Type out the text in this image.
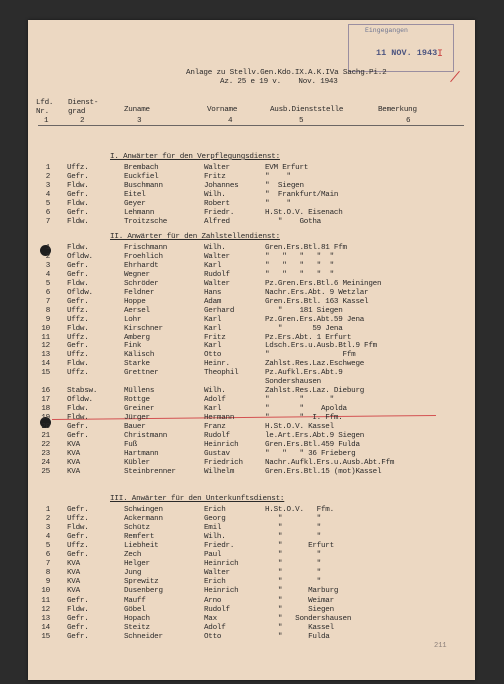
Eingegangen
11 NOV. 1943 I
Anlage zu Stellv.Gen.Kdo.IX.A.K.IVa Sachg.Pi.2
Az. 25 e 19 v.    Nov. 1943
Lfd. Nr.
Dienst- grad	Zuname	Vorname	Ausb.Dienststelle	Bemerkung
1	2	3	4	5	6
I. Anwärter für den Verpflegungsdienst:
1 Uffz.	Brembach	Walter	EVM Erfurt
2 Gefr.	Euckfiel	Fritz	"    "
3 Fldw.	Buschmann	Johannes	"  Siegen
4 Gefr.	Eitel	Wilh.	"  Frankfurt/Main
5 Fldw.	Geyer	Robert	"    "
6 Gefr.	Lehmann	Friedr.	H.St.O.V. Eisenach
7 Fldw.	Troitzsche	Alfred	"    Gotha
II. Anwärter für den Zahlstellendienst:
1 Fldw.	Frischmann	Wilh.	Gren.Ers.Btl.81 Ffm
2 Ofldw.	Froehlich	Walter	"   "   "   "  "
3 Gefr.	Ehrhardt	Karl	"   "   "   "  "
4 Gefr.	Wegner	Rudolf	"   "   "   "  "
5 Fldw.	Schröder	Walter	Pz.Gren.Ers.Btl.6 Meiningen
6 Ofldw.	Feldner	Hans	Nachr.Ers.Abt. 9 Wetzlar
7 Gefr.	Hoppe	Adam	Gren.Ers.Btl. 163 Kassel
8 Uffz.	Aersel	Gerhard	"    181 Siegen
9 Uffz.	Lohr	Karl	Pz.Gren.Ers.Abt.59 Jena
10 Fldw.	Kirschner	Karl	"       59 Jena
11 Uffz.	Amberg	Fritz	Pz.Ers.Abt. 1 Erfurt
12 Gefr.	Fink	Karl	Ldsch.Ers.u.Ausb.Btl.9 Ffm
13 Uffz.	Kälisch	Otto	"                 Ffm
14 Fldw.	Starke	Heinr.	Zahlst.Res.Laz.Eschwege
15 Uffz.	Grettner	Theophil	Pz.Aufkl.Ers.Abt.9
Sondershausen
16 Stabsw.	Müllens	Wilh.	Zahlst.Res.Laz. Dieburg
17 Ofldw.	Rottge	Adolf	"       "      "
18 Fldw.	Greiner	Karl	"       "    Apolda
19 Fldw.	Jürger	Hermann	"       "  I. Ffm.
20 Gefr.	Bauer	Franz	H.St.O.V. Kassel
21 Gefr.	Christmann	Rudolf	le.Art.Ers.Abt.9 Siegen
22 KVA	Fuß	Heinrich	Gren.Ers.Btl.459 Fulda
23 KVA	Hartmann	Gustav	"   "   " 36 Frieberg
24 KVA	Kübler	Friedrich	Nachr.Aufkl.Ers.u.Ausb.Abt.Ffm
25 KVA	Steinbrenner	Wilhelm	Gren.Ers.Btl.15 (mot)Kassel
III. Anwärter für den Unterkunftsdienst:
1 Gefr.	Schwingen	Erich	H.St.O.V.   Ffm.
2 Uffz.	Ackermann	Georg	"        "
3 Fldw.	Schütz	Emil	"        "
4 Gefr.	Remfert	Wilh.	"        "
5 Uffz.	Liebheit	Friedr.	"      Erfurt
6 Gefr.	Zech	Paul	"        "
7 KVA	Helger	Heinrich	"        "
8 KVA	Jung	Walter	"        "
9 KVA	Sprewitz	Erich	"        "
10 KVA	Dusenberg	Heinrich	"      Marburg
11 Gefr.	Mauff	Arno	"      Weimar
12 Fldw.	Göbel	Rudolf	"      Siegen
13 Gefr.	Hopach	Max	"   Sondershausen
14 Gefr.	Steitz	Adolf	"      Kassel
15 Gefr.	Schneider	Otto	"      Fulda
211
